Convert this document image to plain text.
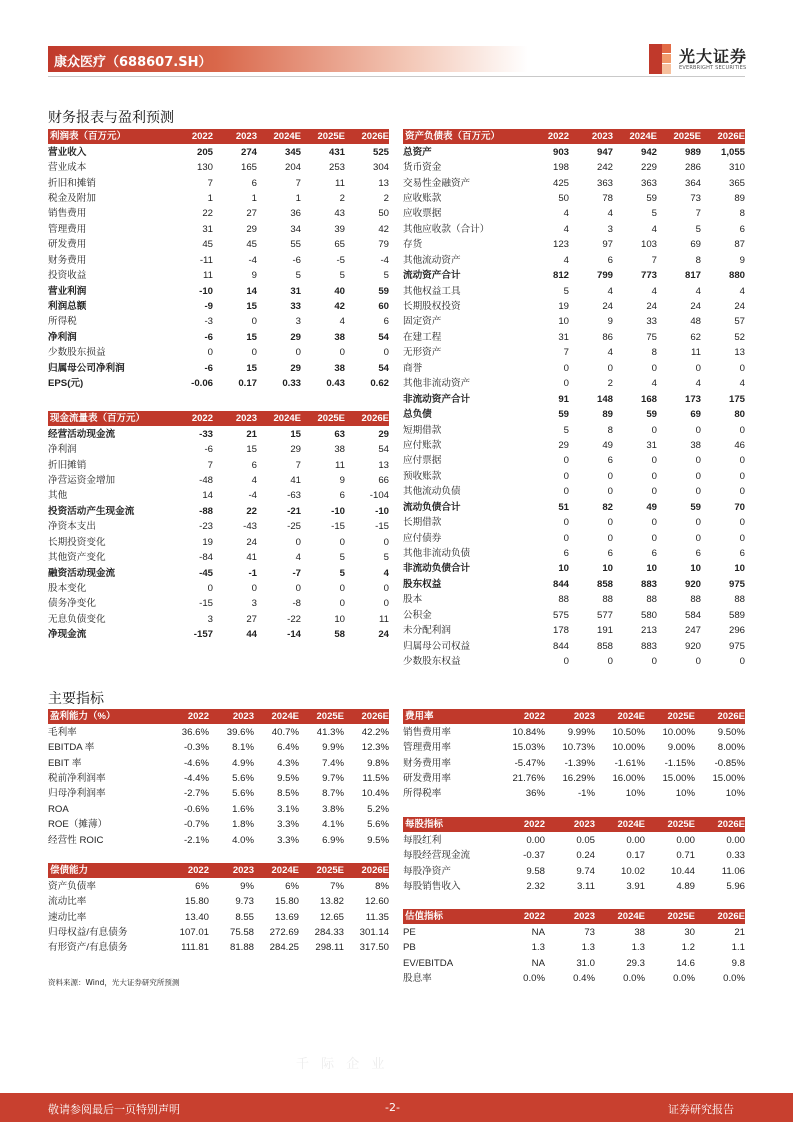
康众医疗（688607.SH）	光大证券
EVERBRIGHT SECURITIES
财务报表与盈利预测
利润表（百万元）	2022	2023	2024E	2025E	2026E
营业收入	205	274	345	431	525
营业成本	130	165	204	253	304
折旧和摊销	7	6	7	11	13
税金及附加	1	1	1	2	2
销售费用	22	27	36	43	50
管理费用	31	29	34	39	42
研发费用	45	45	55	65	79
财务费用	-11	-4	-6	-5	-4
投资收益	11	9	5	5	5
营业利润	-10	14	31	40	59
利润总额	-9	15	33	42	60
所得税	-3	0	3	4	6
净利润	-6	15	29	38	54
少数股东损益	0	0	0	0	0
归属母公司净利润	-6	15	29	38	54
EPS(元)	-0.06	0.17	0.33	0.43	0.62
现金流量表（百万元）	2022	2023	2024E	2025E	2026E
经营活动现金流	-33	21	15	63	29
净利润	-6	15	29	38	54
折旧摊销	7	6	7	11	13
净营运资金增加	-48	4	41	9	66
其他	14	-4	-63	6	-104
投资活动产生现金流	-88	22	-21	-10	-10
净资本支出	-23	-43	-25	-15	-15
长期投资变化	19	24	0	0	0
其他资产变化	-84	41	4	5	5
融资活动现金流	-45	-1	-7	5	4
股本变化	0	0	0	0	0
债务净变化	-15	3	-8	0	0
无息负债变化	3	27	-22	10	11
净现金流	-157	44	-14	58	24
资产负债表（百万元）	2022	2023	2024E	2025E	2026E
总资产	903	947	942	989	1,055
货币资金	198	242	229	286	310
交易性金融资产	425	363	363	364	365
应收账款	50	78	59	73	89
应收票据	4	4	5	7	8
其他应收款（合计）	4	3	4	5	6
存货	123	97	103	69	87
其他流动资产	4	6	7	8	9
流动资产合计	812	799	773	817	880
其他权益工具	5	4	4	4	4
长期股权投资	19	24	24	24	24
固定资产	10	9	33	48	57
在建工程	31	86	75	62	52
无形资产	7	4	8	11	13
商誉	0	0	0	0	0
其他非流动资产	0	2	4	4	4
非流动资产合计	91	148	168	173	175
总负债	59	89	59	69	80
短期借款	5	8	0	0	0
应付账款	29	49	31	38	46
应付票据	0	6	0	0	0
预收账款	0	0	0	0	0
其他流动负债	0	0	0	0	0
流动负债合计	51	82	49	59	70
长期借款	0	0	0	0	0
应付债券	0	0	0	0	0
其他非流动负债	6	6	6	6	6
非流动负债合计	10	10	10	10	10
股东权益	844	858	883	920	975
股本	88	88	88	88	88
公积金	575	577	580	584	589
未分配利润	178	191	213	247	296
归属母公司权益	844	858	883	920	975
少数股东权益	0	0	0	0	0
主要指标
盈利能力（%）	2022	2023	2024E	2025E	2026E
毛利率	36.6%	39.6%	40.7%	41.3%	42.2%
EBITDA 率	-0.3%	8.1%	6.4%	9.9%	12.3%
EBIT 率	-4.6%	4.9%	4.3%	7.4%	9.8%
税前净利润率	-4.4%	5.6%	9.5%	9.7%	11.5%
归母净利润率	-2.7%	5.6%	8.5%	8.7%	10.4%
ROA	-0.6%	1.6%	3.1%	3.8%	5.2%
ROE（摊薄）	-0.7%	1.8%	3.3%	4.1%	5.6%
经营性 ROIC	-2.1%	4.0%	3.3%	6.9%	9.5%
偿债能力	2022	2023	2024E	2025E	2026E
资产负债率	6%	9%	6%	7%	8%
流动比率	15.80	9.73	15.80	13.82	12.60
速动比率	13.40	8.55	13.69	12.65	11.35
归母权益/有息债务	107.01	75.58	272.69	284.33	301.14
有形资产/有息债务	111.81	81.88	284.25	298.11	317.50
费用率	2022	2023	2024E	2025E	2026E
销售费用率	10.84%	9.99%	10.50%	10.00%	9.50%
管理费用率	15.03%	10.73%	10.00%	9.00%	8.00%
财务费用率	-5.47%	-1.39%	-1.61%	-1.15%	-0.85%
研发费用率	21.76%	16.29%	16.00%	15.00%	15.00%
所得税率	36%	-1%	10%	10%	10%
每股指标	2022	2023	2024E	2025E	2026E
每股红利	0.00	0.05	0.00	0.00	0.00
每股经营现金流	-0.37	0.24	0.17	0.71	0.33
每股净资产	9.58	9.74	10.02	10.44	11.06
每股销售收入	2.32	3.11	3.91	4.89	5.96
估值指标	2022	2023	2024E	2025E	2026E
PE	NA	73	38	30	21
PB	1.3	1.3	1.3	1.2	1.1
EV/EBITDA	NA	31.0	29.3	14.6	9.8
股息率	0.0%	0.4%	0.0%	0.0%	0.0%
资料来源：Wind，光大证券研究所预测
千 际 企 业
敬请参阅最后一页特别声明	-2-	证券研究报告
